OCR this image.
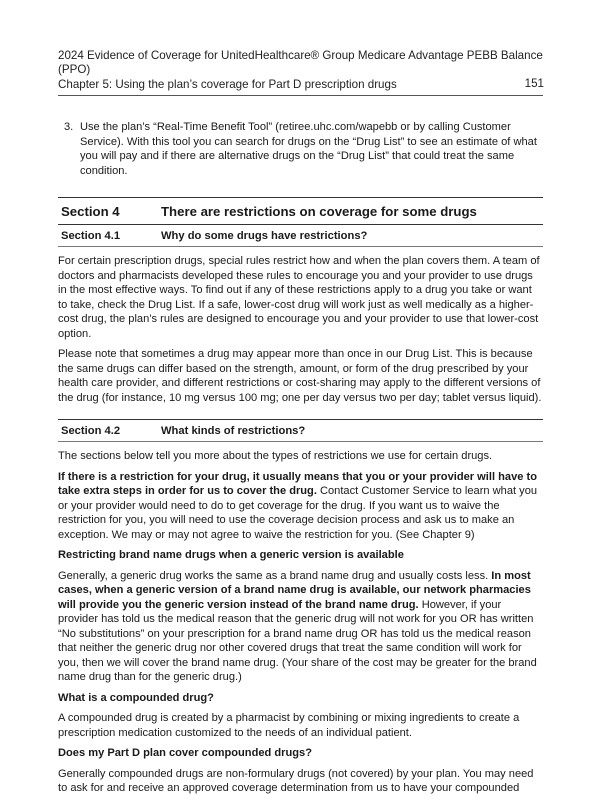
2024 Evidence of Coverage for UnitedHealthcare® Group Medicare Advantage PEBB Balance
(PPO)
Chapter 5: Using the plan’s coverage for Part D prescription drugs	151
3. Use the plan’s “Real-Time Benefit Tool” (retiree.uhc.com/wapebb or by calling Customer Service). With this tool you can search for drugs on the “Drug List” to see an estimate of what you will pay and if there are alternative drugs on the “Drug List” that could treat the same condition.
Section 4	There are restrictions on coverage for some drugs
Section 4.1	Why do some drugs have restrictions?

For certain prescription drugs, special rules restrict how and when the plan covers them. A team of doctors and pharmacists developed these rules to encourage you and your provider to use drugs in the most effective ways. To find out if any of these restrictions apply to a drug you take or want to take, check the Drug List. If a safe, lower-cost drug will work just as well medically as a higher-cost drug, the plan’s rules are designed to encourage you and your provider to use that lower-cost option.

Please note that sometimes a drug may appear more than once in our Drug List. This is because the same drugs can differ based on the strength, amount, or form of the drug prescribed by your health care provider, and different restrictions or cost-sharing may apply to the different versions of the drug (for instance, 10 mg versus 100 mg; one per day versus two per day; tablet versus liquid).

Section 4.2	What kinds of restrictions?

The sections below tell you more about the types of restrictions we use for certain drugs.

If there is a restriction for your drug, it usually means that you or your provider will have to take extra steps in order for us to cover the drug. Contact Customer Service to learn what you or your provider would need to do to get coverage for the drug. If you want us to waive the restriction for you, you will need to use the coverage decision process and ask us to make an exception. We may or may not agree to waive the restriction for you. (See Chapter 9)

Restricting brand name drugs when a generic version is available

Generally, a generic drug works the same as a brand name drug and usually costs less. In most cases, when a generic version of a brand name drug is available, our network pharmacies will provide you the generic version instead of the brand name drug. However, if your provider has told us the medical reason that the generic drug will not work for you OR has written “No substitutions” on your prescription for a brand name drug OR has told us the medical reason that neither the generic drug nor other covered drugs that treat the same condition will work for you, then we will cover the brand name drug. (Your share of the cost may be greater for the brand name drug than for the generic drug.)

What is a compounded drug?

A compounded drug is created by a pharmacist by combining or mixing ingredients to create a prescription medication customized to the needs of an individual patient.

Does my Part D plan cover compounded drugs?

Generally compounded drugs are non-formulary drugs (not covered) by your plan. You may need to ask for and receive an approved coverage determination from us to have your compounded
